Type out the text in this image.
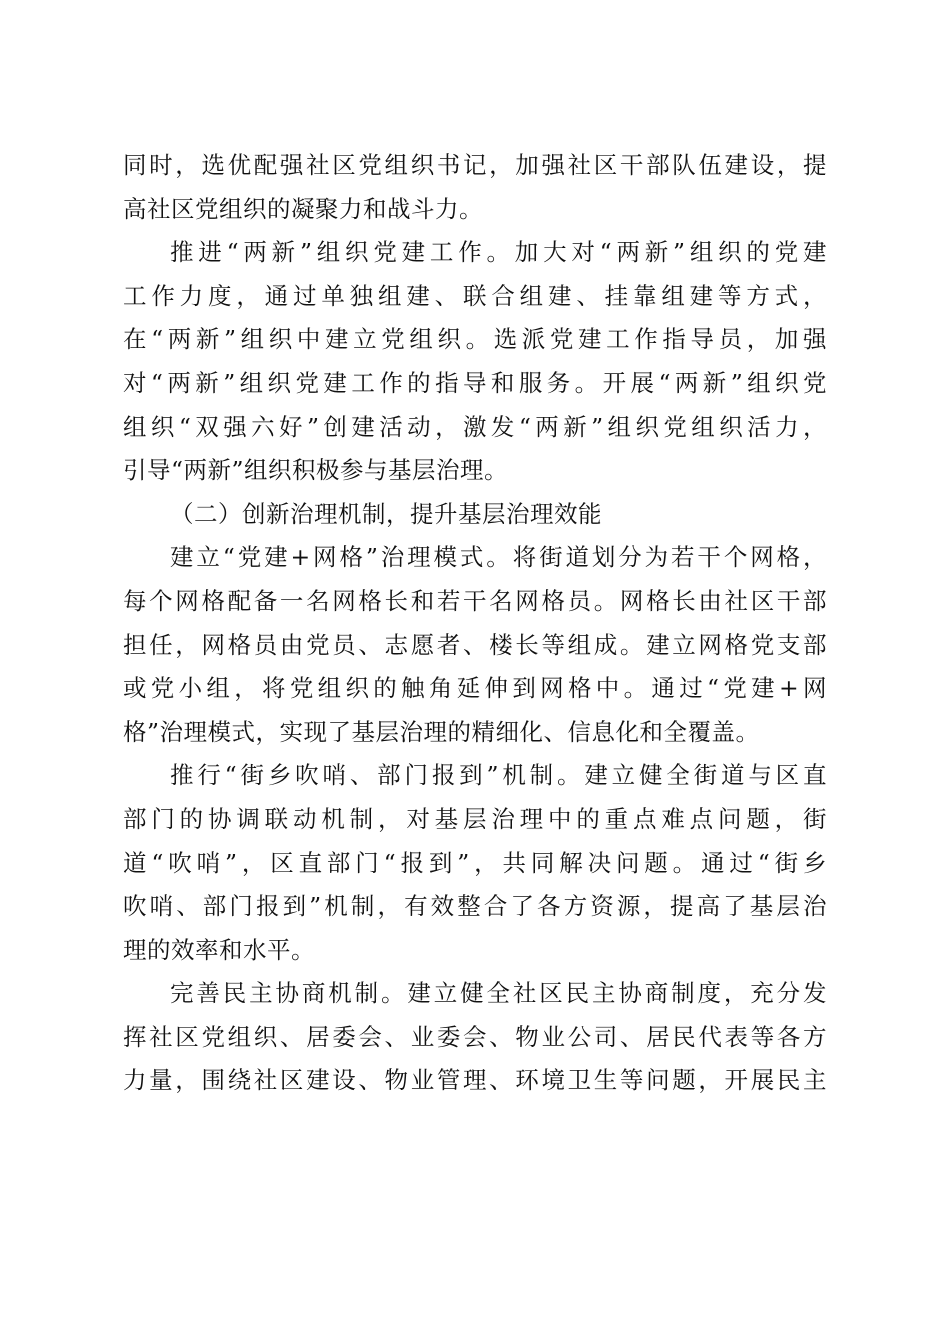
同时，选优配强社区党组织书记，加强社区干部队伍建设，提
高社区党组织的凝聚力和战斗力。
推进“两新”组织党建工作。加大对“两新”组织的党建
工作力度，通过单独组建、联合组建、挂靠组建等方式，
在“两新”组织中建立党组织。选派党建工作指导员，加强
对“两新”组织党建工作的指导和服务。开展“两新”组织党
组织“双强六好”创建活动，激发“两新”组织党组织活力，
引导“两新”组织积极参与基层治理。
（二）创新治理机制，提升基层治理效能
建立“党建+网格”治理模式。将街道划分为若干个网格，
每个网格配备一名网格长和若干名网格员。网格长由社区干部
担任，网格员由党员、志愿者、楼长等组成。建立网格党支部
或党小组，将党组织的触角延伸到网格中。通过“党建+网
格”治理模式，实现了基层治理的精细化、信息化和全覆盖。
推行“街乡吹哨、部门报到”机制。建立健全街道与区直
部门的协调联动机制，对基层治理中的重点难点问题，街
道“吹哨”，区直部门“报到”，共同解决问题。通过“街乡
吹哨、部门报到”机制，有效整合了各方资源，提高了基层治
理的效率和水平。
完善民主协商机制。建立健全社区民主协商制度，充分发
挥社区党组织、居委会、业委会、物业公司、居民代表等各方
力量，围绕社区建设、物业管理、环境卫生等问题，开展民主
